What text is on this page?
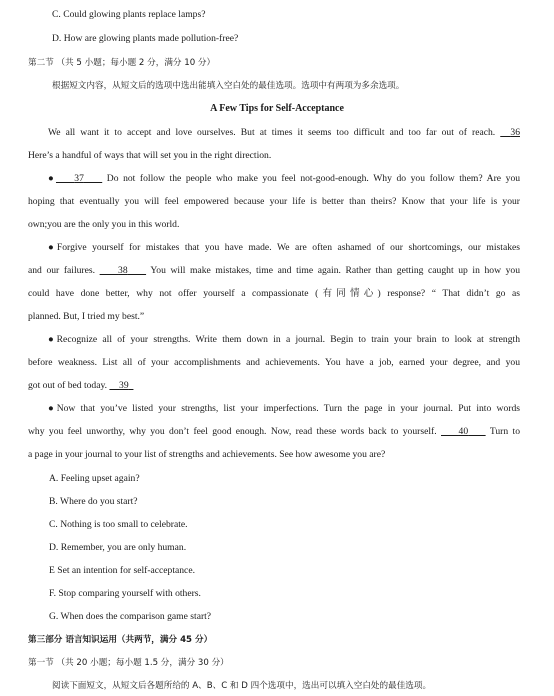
C. Could glowing plants replace lamps?
D. How are glowing plants made pollution-free?
第二节 （共 5 小题；每小题 2 分，满分 10 分）
根据短文内容，从短文后的选项中选出能填入空白处的最佳选项。选项中有两项为多余选项。
A Few Tips for Self-Acceptance
We all want it to accept and love ourselves. But at times it seems too difficult and too far out of reach. 36
Here’s a handful of ways that will set you in the right direction.
● 37 Do not follow the people who make you feel not-good-enough. Why do you follow them? Are you
hoping that eventually you will feel empowered because your life is better than theirs? Know that your life is your
own;you are the only you in this world.
●Forgive yourself for mistakes that you have made. We are often ashamed of our shortcomings, our mistakes
and our failures. 38 You will make mistakes, time and time again. Rather than getting caught up in how you
could have done better, why not offer yourself a compassionate (有同情心) response? “ That didn’t go as
planned. But, I tried my best.”
●Recognize all of your strengths. Write them down in a journal. Begin to train your brain to look at strength
before weakness. List all of your accomplishments and achievements. You have a job, earned your degree, and you
got out of bed today. 39
●Now that you’ve listed your strengths, list your imperfections. Turn the page in your journal. Put into words
why you feel unworthy, why you don’t feel good enough. Now, read these words back to yourself. 40 Turn to
a page in your journal to your list of strengths and achievements. See how awesome you are?
A. Feeling upset again?
B. Where do you start?
C. Nothing is too small to celebrate.
D. Remember, you are only human.
E Set an intention for self-acceptance.
F. Stop comparing yourself with others.
G. When does the comparison game start?
第三部分 语言知识运用（共两节，满分 45 分）
第一节 （共 20 小题；每小题 1.5 分，满分 30 分）
阅读下面短文，从短文后各题所给的 A、B、C 和 D 四个选项中，选出可以填入空白处的最佳选项。
